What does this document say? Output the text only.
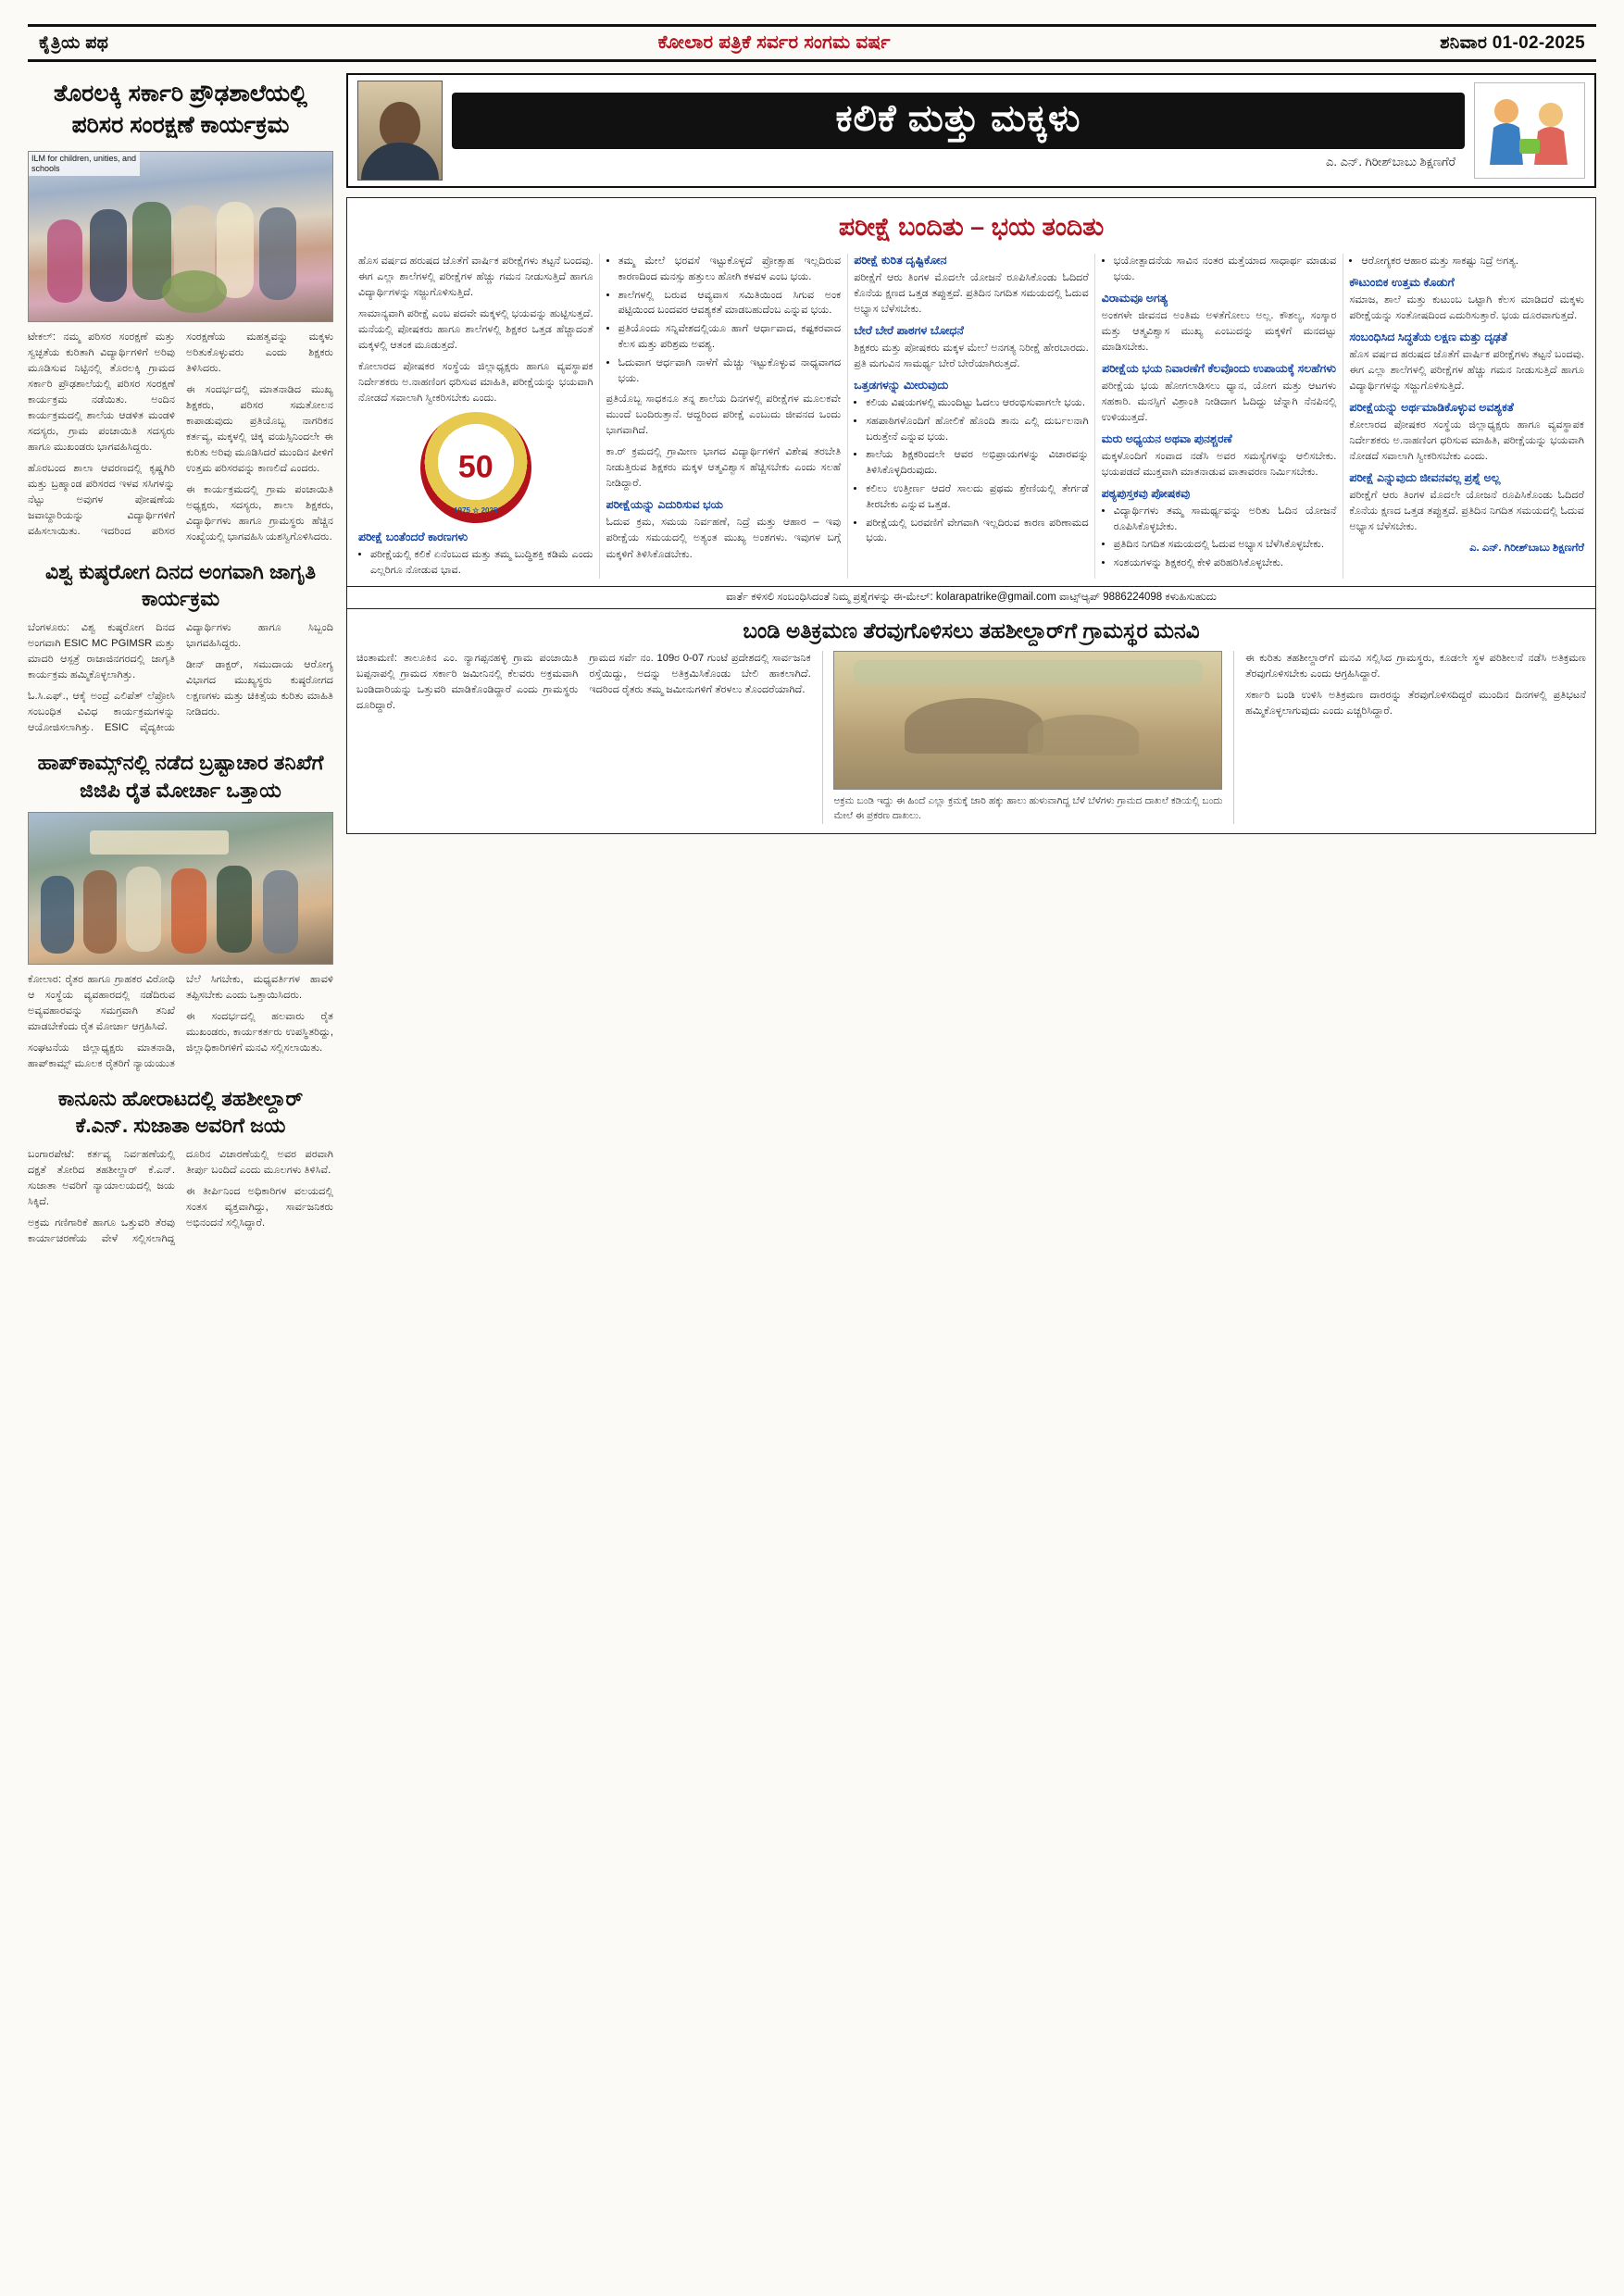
ಕೈತ್ರಿಯ ಪಥ	ಕೋಲಾರ ಪತ್ರಿಕೆ ಸರ್ವರ ಸಂಗಮ ವರ್ಷ	ಶನಿವಾರ 01-02-2025
ತೊರಲಕ್ಕಿ ಸರ್ಕಾರಿ ಪ್ರೌಢಶಾಲೆಯಲ್ಲಿ ಪರಿಸರ ಸಂರಕ್ಷಣೆ ಕಾರ್ಯಕ್ರಮ
ILM for children, unities, and schools
ಟೇಕಲ್: ನಮ್ಮ ಪರಿಸರ ಸಂರಕ್ಷಣೆ ಮತ್ತು ಸ್ವಚ್ಛತೆಯ ಕುರಿತಾಗಿ ವಿದ್ಯಾರ್ಥಿಗಳಿಗೆ ಅರಿವು ಮೂಡಿಸುವ ನಿಟ್ಟಿನಲ್ಲಿ ತೊರಲಕ್ಕಿ ಗ್ರಾಮದ ಸರ್ಕಾರಿ ಪ್ರೌಢಶಾಲೆಯಲ್ಲಿ ಪರಿಸರ ಸಂರಕ್ಷಣೆ ಕಾರ್ಯಕ್ರಮ ನಡೆಯಿತು. ಅಂದಿನ ಕಾರ್ಯಕ್ರಮದಲ್ಲಿ ಶಾಲೆಯ ಆಡಳಿತ ಮಂಡಳಿ ಸದಸ್ಯರು, ಗ್ರಾಮ ಪಂಚಾಯಿತಿ ಸದಸ್ಯರು ಹಾಗೂ ಮುಖಂಡರು ಭಾಗವಹಿಸಿದ್ದರು.
ಹೊರಬಂದ ಶಾಲಾ ಆವರಣದಲ್ಲಿ ಕೃಷ್ಣಗಿರಿ ಮತ್ತು ಬ್ರಹ್ಮಾಂಡ ಪರಿಸರದ ಇಳವ ಸಸಿಗಳನ್ನು ನೆಟ್ಟು ಅವುಗಳ ಪೋಷಣೆಯ ಜವಾಬ್ದಾರಿಯನ್ನು ವಿದ್ಯಾರ್ಥಿಗಳಿಗೆ ವಹಿಸಲಾಯಿತು. ಇದರಿಂದ ಪರಿಸರ ಸಂರಕ್ಷಣೆಯ ಮಹತ್ವವನ್ನು ಮಕ್ಕಳು ಅರಿತುಕೊಳ್ಳುವರು ಎಂದು ಶಿಕ್ಷಕರು ತಿಳಿಸಿದರು.
ಈ ಸಂದರ್ಭದಲ್ಲಿ ಮಾತನಾಡಿದ ಮುಖ್ಯ ಶಿಕ್ಷಕರು, ಪರಿಸರ ಸಮತೋಲನ ಕಾಪಾಡುವುದು ಪ್ರತಿಯೊಬ್ಬ ನಾಗರಿಕನ ಕರ್ತವ್ಯ, ಮಕ್ಕಳಲ್ಲಿ ಚಿಕ್ಕ ವಯಸ್ಸಿನಿಂದಲೇ ಈ ಕುರಿತು ಅರಿವು ಮೂಡಿಸಿದರೆ ಮುಂದಿನ ಪೀಳಿಗೆ ಉತ್ತಮ ಪರಿಸರವನ್ನು ಕಾಣಲಿದೆ ಎಂದರು.
ಈ ಕಾರ್ಯಕ್ರಮದಲ್ಲಿ ಗ್ರಾಮ ಪಂಚಾಯಿತಿ ಅಧ್ಯಕ್ಷರು, ಸದಸ್ಯರು, ಶಾಲಾ ಶಿಕ್ಷಕರು, ವಿದ್ಯಾರ್ಥಿಗಳು ಹಾಗೂ ಗ್ರಾಮಸ್ಥರು ಹೆಚ್ಚಿನ ಸಂಖ್ಯೆಯಲ್ಲಿ ಭಾಗವಹಿಸಿ ಯಶಸ್ವಿಗೊಳಿಸಿದರು.
ವಿಶ್ವ ಕುಷ್ಠರೋಗ ದಿನದ ಅಂಗವಾಗಿ ಜಾಗೃತಿ ಕಾರ್ಯಕ್ರಮ
ಬೆಂಗಳೂರು: ವಿಶ್ವ ಕುಷ್ಠರೋಗ ದಿನದ ಅಂಗವಾಗಿ ESIC MC PGIMSR ಮತ್ತು ಮಾದರಿ ಆಸ್ಪತ್ರೆ ರಾಜಾಜಿನಗರದಲ್ಲಿ ಜಾಗೃತಿ ಕಾರ್ಯಕ್ರಮ ಹಮ್ಮಿಕೊಳ್ಳಲಾಗಿತ್ತು.
ಓ.ಸಿ.ಎಫ್., ಆಕೈ ಅಂದ್ರೆ ಎಲಿಪೆತ್ ಲೆಪ್ರೋಸಿ ಸಂಬಂಧಿತ ವಿವಿಧ ಕಾರ್ಯಕ್ರಮಗಳನ್ನು ಆಯೋಜಿಸಲಾಗಿತ್ತು. ESIC ವೈದ್ಯಕೀಯ ವಿದ್ಯಾರ್ಥಿಗಳು ಹಾಗೂ ಸಿಬ್ಬಂದಿ ಭಾಗವಹಿಸಿದ್ದರು.
ಡೀನ್ ಡಾಕ್ಟರ್, ಸಮುದಾಯ ಆರೋಗ್ಯ ವಿಭಾಗದ ಮುಖ್ಯಸ್ಥರು ಕುಷ್ಠರೋಗದ ಲಕ್ಷಣಗಳು ಮತ್ತು ಚಿಕಿತ್ಸೆಯ ಕುರಿತು ಮಾಹಿತಿ ನೀಡಿದರು.
ಹಾಪ್‌ಕಾಮ್ಸ್‌ನಲ್ಲಿ ನಡೆದ ಬ್ರಷ್ಟಾಚಾರ ತನಿಖೆಗೆ ಜಿಜಿಪಿ ರೈತ ಮೋರ್ಚಾ ಒತ್ತಾಯ
ಕೋಲಾರ: ರೈತರ ಹಾಗೂ ಗ್ರಾಹಕರ ವಿರೋಧಿ ಆ ಸಂಸ್ಥೆಯ ವ್ಯವಹಾರದಲ್ಲಿ ನಡೆದಿರುವ ಅವ್ಯವಹಾರವನ್ನು ಸಮಗ್ರವಾಗಿ ತನಿಖೆ ಮಾಡಬೇಕೆಂದು ರೈತ ಮೋರ್ಚಾ ಆಗ್ರಹಿಸಿದೆ.
ಸಂಘಟನೆಯ ಜಿಲ್ಲಾಧ್ಯಕ್ಷರು ಮಾತನಾಡಿ, ಹಾಪ್‌ಕಾಮ್ಸ್ ಮೂಲಕ ರೈತರಿಗೆ ನ್ಯಾಯಯುತ ಬೆಲೆ ಸಿಗಬೇಕು, ಮಧ್ಯವರ್ತಿಗಳ ಹಾವಳಿ ತಪ್ಪಿಸಬೇಕು ಎಂದು ಒತ್ತಾಯಿಸಿದರು.
ಈ ಸಂದರ್ಭದಲ್ಲಿ ಹಲವಾರು ರೈತ ಮುಖಂಡರು, ಕಾರ್ಯಕರ್ತರು ಉಪಸ್ಥಿತರಿದ್ದು, ಜಿಲ್ಲಾಧಿಕಾರಿಗಳಿಗೆ ಮನವಿ ಸಲ್ಲಿಸಲಾಯಿತು.
ಕಾನೂನು ಹೋರಾಟದಲ್ಲಿ ತಹಶೀಲ್ದಾರ್ ಕೆ.ಎನ್. ಸುಜಾತಾ ಅವರಿಗೆ ಜಯ
ಬಂಗಾರಪೇಟೆ: ಕರ್ತವ್ಯ ನಿರ್ವಹಣೆಯಲ್ಲಿ ದಕ್ಷತೆ ತೋರಿದ ತಹಶೀಲ್ದಾರ್ ಕೆ.ಎನ್. ಸುಜಾತಾ ಅವರಿಗೆ ನ್ಯಾಯಾಲಯದಲ್ಲಿ ಜಯ ಸಿಕ್ಕಿದೆ.
ಅಕ್ರಮ ಗಣಿಗಾರಿಕೆ ಹಾಗೂ ಒತ್ತುವರಿ ತೆರವು ಕಾರ್ಯಾಚರಣೆಯ ವೇಳೆ ಸಲ್ಲಿಸಲಾಗಿದ್ದ ದೂರಿನ ವಿಚಾರಣೆಯಲ್ಲಿ ಅವರ ಪರವಾಗಿ ತೀರ್ಪು ಬಂದಿದೆ ಎಂದು ಮೂಲಗಳು ತಿಳಿಸಿವೆ.
ಈ ತೀರ್ಪಿನಿಂದ ಅಧಿಕಾರಿಗಳ ವಲಯದಲ್ಲಿ ಸಂತಸ ವ್ಯಕ್ತವಾಗಿದ್ದು, ಸಾರ್ವಜನಿಕರು ಅಭಿನಂದನೆ ಸಲ್ಲಿಸಿದ್ದಾರೆ.
ಕಲಿಕೆ ಮತ್ತು ಮಕ್ಕಳು
ಎ. ಎನ್. ಗಿರೀಶ್‌ಬಾಬು ಶಿಕ್ಷಣಗೆರೆ
ಪರೀಕ್ಷೆ ಬಂದಿತು – ಭಯ ತಂದಿತು
ಹೊಸ ವರ್ಷದ ಹರುಷದ ಜೊತೆಗೆ ವಾರ್ಷಿಕ ಪರೀಕ್ಷೆಗಳು ತಟ್ಟನೆ ಬಂದವು. ಈಗ ಎಲ್ಲಾ ಶಾಲೆಗಳಲ್ಲಿ ಪರೀಕ್ಷೆಗಳ ಹೆಚ್ಚು ಗಮನ ನೀಡುಸುತ್ತಿದೆ ಹಾಗೂ ವಿದ್ಯಾರ್ಥಿಗಳನ್ನು ಸಜ್ಜುಗೊಳಿಸುತ್ತಿದೆ.
ಸಾಮಾನ್ಯವಾಗಿ ಪರೀಕ್ಷೆ ಎಂಬ ಪದವೇ ಮಕ್ಕಳಲ್ಲಿ ಭಯವನ್ನು ಹುಟ್ಟಿಸುತ್ತದೆ. ಮನೆಯಲ್ಲಿ ಪೋಷಕರು ಹಾಗೂ ಶಾಲೆಗಳಲ್ಲಿ ಶಿಕ್ಷಕರ ಒತ್ತಡ ಹೆಚ್ಚಾದಂತೆ ಮಕ್ಕಳಲ್ಲಿ ಆತಂಕ ಮೂಡುತ್ತದೆ.
ಕೋಲಾರದ ಪೋಷಕರ ಸಂಸ್ಥೆಯ ಜಿಲ್ಲಾಧ್ಯಕ್ಷರು ಹಾಗೂ ವ್ಯವಸ್ಥಾಪಕ ನಿರ್ದೇಶಕರು ಅ.ನಾಹಣಿಂಗ ಧರಿಸುವ ಮಾಹಿತಿ, ಪರೀಕ್ಷೆಯನ್ನು ಭಯವಾಗಿ ನೋಡದೆ ಸವಾಲಾಗಿ ಸ್ವೀಕರಿಸಬೇಕು ಎಂದು.
50
1975 ☆ 2025
ಪರೀಕ್ಷೆ ಬಂತೆಂದರೆ ಕಾರಣಗಳು
• ಪರೀಕ್ಷೆಯಲ್ಲಿ ಕಲಿಕೆ ಏನೆಂಬುದ ಮತ್ತು ತಮ್ಮ ಬುದ್ಧಿಶಕ್ತಿ ಕಡಿಮೆ ಎಂದು ಎಲ್ಲರಿಗೂ ನೋಡುವ ಭಾವ.
• ತಮ್ಮ ಮೇಲೆ ಭರವಸೆ ಇಟ್ಟುಕೊಳ್ಳದೆ ಪ್ರೋತ್ಸಾಹ ಇಲ್ಲದಿರುವ ಕಾರಣದಿಂದ ಮನಸ್ಸು ಹತ್ತುಲು ಹೋಗಿ ಕಳವಳ ಎಂಬ ಭಯ.
• ಶಾಲೆಗಳಲ್ಲಿ ಬರುವ ಆವ್ಯವಾಸ ಸಮಿತಿಯಿಂದ ಸಿಗುವ ಅಂಕ ಪಟ್ಟಿಯಿಂದ ಬಂದವರ ಆವಶ್ಯಕತೆ ಮಾಡಬಹುದೆಂಬ ಎನ್ನುವ ಭಯ.
• ಪ್ರತಿಯೊಂದು ಸನ್ನಿವೇಶದಲ್ಲಿಯೂ ಹಾಗೆ ಆರ್ಧಾವಾದ, ಕಷ್ಟಕರವಾದ ಕೆಲಸ ಮತ್ತು ಪರಿಶ್ರಮ ಅವಶ್ಯ.
• ಓದುವಾಗ ಆರ್ಧವಾಗಿ ನಾಳೆಗೆ ಮೆಚ್ಚು ಇಟ್ಟುಕೊಳ್ಳುವ ನಾಧ್ಯವಾಗದ ಭಯ.
ಪ್ರತಿಯೊಬ್ಬ ಸಾಧಕನೂ ತನ್ನ ಶಾಲೆಯ ದಿನಗಳಲ್ಲಿ ಪರೀಕ್ಷೆಗಳ ಮೂಲಕವೇ ಮುಂದೆ ಬಂದಿರುತ್ತಾನೆ. ಆದ್ದರಿಂದ ಪರೀಕ್ಷೆ ಎಂಬುದು ಜೀವನದ ಒಂದು ಭಾಗವಾಗಿದೆ.
ಕಾ.ರ್ ಕ್ರಮದಲ್ಲಿ ಗ್ರಾಮೀಣ ಭಾಗದ ವಿದ್ಯಾರ್ಥಿಗಳಿಗೆ ವಿಶೇಷ ತರಬೇತಿ ನೀಡುತ್ತಿರುವ ಶಿಕ್ಷಕರು ಮಕ್ಕಳ ಆತ್ಮವಿಶ್ವಾಸ ಹೆಚ್ಚಿಸಬೇಕು ಎಂದು ಸಲಹೆ ನೀಡಿದ್ದಾರೆ.
ಪರೀಕ್ಷೆಯನ್ನು ಎದುರಿಸುವ ಭಯ
ಓದುವ ಕ್ರಮ, ಸಮಯ ನಿರ್ವಹಣೆ, ನಿದ್ರೆ ಮತ್ತು ಆಹಾರ – ಇವು ಪರೀಕ್ಷೆಯ ಸಮಯದಲ್ಲಿ ಅತ್ಯಂತ ಮುಖ್ಯ ಅಂಶಗಳು. ಇವುಗಳ ಬಗ್ಗೆ ಮಕ್ಕಳಿಗೆ ತಿಳಿಸಿಕೊಡಬೇಕು.
ಪರೀಕ್ಷೆ ಕುರಿತ ದೃಷ್ಟಿಕೋನ
ಪರೀಕ್ಷೆಗೆ ಆರು ತಿಂಗಳ ಮೊದಲೇ ಯೋಜನೆ ರೂಪಿಸಿಕೊಂಡು ಓದಿದರೆ ಕೊನೆಯ ಕ್ಷಣದ ಒತ್ತಡ ತಪ್ಪುತ್ತದೆ. ಪ್ರತಿದಿನ ನಿಗದಿತ ಸಮಯದಲ್ಲಿ ಓದುವ ಅಭ್ಯಾಸ ಬೆಳೆಸಬೇಕು.
ಬೇರೆ ಬೇರೆ ಪಾಠಗಳ ಬೋಧನೆ
ಶಿಕ್ಷಕರು ಮತ್ತು ಪೋಷಕರು ಮಕ್ಕಳ ಮೇಲೆ ಅನಗತ್ಯ ನಿರೀಕ್ಷೆ ಹೇರಬಾರದು. ಪ್ರತಿ ಮಗುವಿನ ಸಾಮರ್ಥ್ಯ ಬೇರೆ ಬೇರೆಯಾಗಿರುತ್ತದೆ.
ಒತ್ತಡಗಳನ್ನು ಮೀರುವುದು
• ಕಲಿಯ ವಿಷಯಗಳಲ್ಲಿ ಮುಂದಿಟ್ಟು ಓದಲು ಆರಂಭಿಸುವಾಗಲೇ ಭಯ.
• ಸಹಪಾಠಿಗಳೊಂದಿಗೆ ಹೋಲಿಕೆ ಹೊಂದಿ ತಾನು ಎಲ್ಲಿ ದುರ್ಬಲನಾಗಿ ಬರುತ್ತೇನೆ ಎನ್ನುವ ಭಯ.
• ಶಾಲೆಯ ಶಿಕ್ಷಕರಿಂದಲೇ ಆವರ ಅಭಿಪ್ರಾಯಗಳನ್ನು ವಿಚಾರವನ್ನು ತಿಳಿಸಿಕೊಳ್ಳದಿರುವುದು.
• ಕಲಿಲು ಉತ್ತೀರ್ಣ ಆದರೆ ಸಾಲದು ಪ್ರಥಮ ಶ್ರೇಣಿಯಲ್ಲಿ ತೇರ್ಗಡೆ ತೀರಬೇಕು ಎನ್ನುವ ಒತ್ತಡ.
• ಪರೀಕ್ಷೆಯಲ್ಲಿ ಬರವಣಿಗೆ ವೇಗವಾಗಿ ಇಲ್ಲದಿರುವ ಕಾರಣ ಪರಿಣಾಮದ ಭಯ.
• ಭಯೋತ್ಪಾದನೆಯ ಸಾವಿನ ನಂತರ ಮತ್ತೆಯಾದ ಸಾಧಾರ್ಥ ಮಾಡುವ ಭಯ.
ವಿರಾಮವೂ ಅಗತ್ಯ
ಅಂಕಗಳೇ ಜೀವನದ ಅಂತಿಮ ಅಳತೆಗೋಲು ಅಲ್ಲ. ಕೌಶಲ್ಯ, ಸಂಸ್ಕಾರ ಮತ್ತು ಆತ್ಮವಿಶ್ವಾಸ ಮುಖ್ಯ ಎಂಬುದನ್ನು ಮಕ್ಕಳಿಗೆ ಮನದಟ್ಟು ಮಾಡಿಸಬೇಕು.
ಪರೀಕ್ಷೆಯ ಭಯ ನಿವಾರಣೆಗೆ ಕೆಲವೊಂದು ಉಪಾಯಕ್ಕೆ ಸಲಹೆಗಳು
ಪರೀಕ್ಷೆಯ ಭಯ ಹೋಗಲಾಡಿಸಲು ಧ್ಯಾನ, ಯೋಗ ಮತ್ತು ಆಟಗಳು ಸಹಕಾರಿ. ಮನಸ್ಸಿಗೆ ವಿಶ್ರಾಂತಿ ನೀಡಿದಾಗ ಓದಿದ್ದು ಚೆನ್ನಾಗಿ ನೆನಪಿನಲ್ಲಿ ಉಳಿಯುತ್ತದೆ.
ಮರು ಅಧ್ಯಯನ ಅಥವಾ ಪುನಶ್ಚರಣೆ
ಮಕ್ಕಳೊಂದಿಗೆ ಸಂವಾದ ನಡೆಸಿ ಅವರ ಸಮಸ್ಯೆಗಳನ್ನು ಆಲಿಸಬೇಕು. ಭಯಪಡದೆ ಮುಕ್ತವಾಗಿ ಮಾತನಾಡುವ ವಾತಾವರಣ ನಿರ್ಮಿಸಬೇಕು.
ಪಠ್ಯಪುಸ್ತಕವು ಪೋಷಕವು
• ವಿದ್ಯಾರ್ಥಿಗಳು ತಮ್ಮ ಸಾಮರ್ಥ್ಯವನ್ನು ಅರಿತು ಓದಿನ ಯೋಜನೆ ರೂಪಿಸಿಕೊಳ್ಳಬೇಕು.
• ಪ್ರತಿದಿನ ನಿಗದಿತ ಸಮಯದಲ್ಲಿ ಓದುವ ಅಭ್ಯಾಸ ಬೆಳೆಸಿಕೊಳ್ಳಬೇಕು.
• ಸಂಶಯಗಳನ್ನು ಶಿಕ್ಷಕರಲ್ಲಿ ಕೇಳಿ ಪರಿಹರಿಸಿಕೊಳ್ಳಬೇಕು.
• ಆರೋಗ್ಯಕರ ಆಹಾರ ಮತ್ತು ಸಾಕಷ್ಟು ನಿದ್ರೆ ಅಗತ್ಯ.
ಕೌಟುಂಬಿಕ ಉತ್ತಮ ಕೊಡುಗೆ
ಸಮಾಜ, ಶಾಲೆ ಮತ್ತು ಕುಟುಂಬ ಒಟ್ಟಾಗಿ ಕೆಲಸ ಮಾಡಿದರೆ ಮಕ್ಕಳು ಪರೀಕ್ಷೆಯನ್ನು ಸಂತೋಷದಿಂದ ಎದುರಿಸುತ್ತಾರೆ. ಭಯ ದೂರವಾಗುತ್ತದೆ.
ಸಂಬಂಧಿಸಿದ ಸಿದ್ಧತೆಯ ಲಕ್ಷಣ ಮತ್ತು ದೃಢತೆ
ಹೊಸ ವರ್ಷದ ಹರುಷದ ಜೊತೆಗೆ ವಾರ್ಷಿಕ ಪರೀಕ್ಷೆಗಳು ತಟ್ಟನೆ ಬಂದವು. ಈಗ ಎಲ್ಲಾ ಶಾಲೆಗಳಲ್ಲಿ ಪರೀಕ್ಷೆಗಳ ಹೆಚ್ಚು ಗಮನ ನೀಡುಸುತ್ತಿದೆ ಹಾಗೂ ವಿದ್ಯಾರ್ಥಿಗಳನ್ನು ಸಜ್ಜುಗೊಳಿಸುತ್ತಿದೆ.
ಪರೀಕ್ಷೆಯನ್ನು ಅರ್ಥಮಾಡಿಕೊಳ್ಳುವ ಅವಶ್ಯಕತೆ
ಕೋಲಾರದ ಪೋಷಕರ ಸಂಸ್ಥೆಯ ಜಿಲ್ಲಾಧ್ಯಕ್ಷರು ಹಾಗೂ ವ್ಯವಸ್ಥಾಪಕ ನಿರ್ದೇಶಕರು ಅ.ನಾಹಣಿಂಗ ಧರಿಸುವ ಮಾಹಿತಿ, ಪರೀಕ್ಷೆಯನ್ನು ಭಯವಾಗಿ ನೋಡದೆ ಸವಾಲಾಗಿ ಸ್ವೀಕರಿಸಬೇಕು ಎಂದು.
ಪರೀಕ್ಷೆ ಎನ್ನುವುದು ಜೀವನವಲ್ಲ ಪ್ರಶ್ನೆ ಅಲ್ಲ
ಪರೀಕ್ಷೆಗೆ ಆರು ತಿಂಗಳ ಮೊದಲೇ ಯೋಜನೆ ರೂಪಿಸಿಕೊಂಡು ಓದಿದರೆ ಕೊನೆಯ ಕ್ಷಣದ ಒತ್ತಡ ತಪ್ಪುತ್ತದೆ. ಪ್ರತಿದಿನ ನಿಗದಿತ ಸಮಯದಲ್ಲಿ ಓದುವ ಅಭ್ಯಾಸ ಬೆಳೆಸಬೇಕು.
ಎ. ಎನ್. ಗಿರೀಶ್‌ಬಾಬು ಶಿಕ್ಷಣಗೆರೆ
ವಾರ್ತೆ ಕಳಿಸಲಿ ಸಂಬಂಧಿಸಿದಂತೆ ನಿಮ್ಮ ಪ್ರಶ್ನೆಗಳನ್ನು ಈ-ಮೇಲ್: kolarapatrike@gmail.com ವಾಟ್ಸ್‌ಆ್ಯಪ್ 9886224098 ಕಳುಹಿಸುಹುದು
ಬಂಡಿ ಅತಿಕ್ರಮಣ ತೆರವುಗೊಳಿಸಲು ತಹಶೀಲ್ದಾರ್‌ಗೆ ಗ್ರಾಮಸ್ಥರ ಮನವಿ
ಚಿಂತಾಮಣಿ: ತಾಲೂಕಿನ ಎಂ. ನ್ಯಾಗಪ್ಪನಹಳ್ಳಿ ಗ್ರಾಮ ಪಂಚಾಯಿತಿ ಬಪ್ಪನಾಪಲ್ಲಿ ಗ್ರಾಮದ ಸರ್ಕಾರಿ ಜಮೀನಿನಲ್ಲಿ ಕೆಲವರು ಅಕ್ರಮವಾಗಿ ಬಂಡಿದಾರಿಯನ್ನು ಒತ್ತುವರಿ ಮಾಡಿಕೊಂಡಿದ್ದಾರೆ ಎಂದು ಗ್ರಾಮಸ್ಥರು ದೂರಿದ್ದಾರೆ.
ಗ್ರಾಮದ ಸರ್ವೆ ನಂ. 109ರ 0-07 ಗುಂಟೆ ಪ್ರದೇಶದಲ್ಲಿ ಸಾರ್ವಜನಿಕ ರಸ್ತೆಯಿದ್ದು, ಅದನ್ನು ಅತಿಕ್ರಮಿಸಿಕೊಂಡು ಬೇಲಿ ಹಾಕಲಾಗಿದೆ. ಇದರಿಂದ ರೈತರು ತಮ್ಮ ಜಮೀನುಗಳಿಗೆ ತೆರಳಲು ತೊಂದರೆಯಾಗಿದೆ.
ಅಕ್ರಮ ಬಂಡಿ ಇದ್ದು ಈ ಹಿಂದೆ ಎಲ್ಲಾ ಕ್ರಮಕ್ಕೆ ಜಾರಿ ಹಕ್ಕು ಹಾಲು ಹುಳುವಾಗಿದ್ದ ಬೆಳೆ ಬೆಳೆಗಳು ಗ್ರಾಮದ ದಾಖಲೆ ಕಡಿಯಲ್ಲಿ ಬಂದು ಮೇಲೆ ಈ ಪ್ರಕರಣ ದಾಖಲು.
ಈ ಕುರಿತು ತಹಶೀಲ್ದಾರ್‌ಗೆ ಮನವಿ ಸಲ್ಲಿಸಿದ ಗ್ರಾಮಸ್ಥರು, ಕೂಡಲೇ ಸ್ಥಳ ಪರಿಶೀಲನೆ ನಡೆಸಿ ಅತಿಕ್ರಮಣ ತೆರವುಗೊಳಿಸಬೇಕು ಎಂದು ಆಗ್ರಹಿಸಿದ್ದಾರೆ.
ಸರ್ಕಾರಿ ಬಂಡಿ ಉಳಿಸಿ ಅತಿಕ್ರಮಣ ದಾರರನ್ನು ತೆರವುಗೊಳಿಸದಿದ್ದರೆ ಮುಂದಿನ ದಿನಗಳಲ್ಲಿ ಪ್ರತಿಭಟನೆ ಹಮ್ಮಿಕೊಳ್ಳಲಾಗುವುದು ಎಂದು ಎಚ್ಚರಿಸಿದ್ದಾರೆ.
